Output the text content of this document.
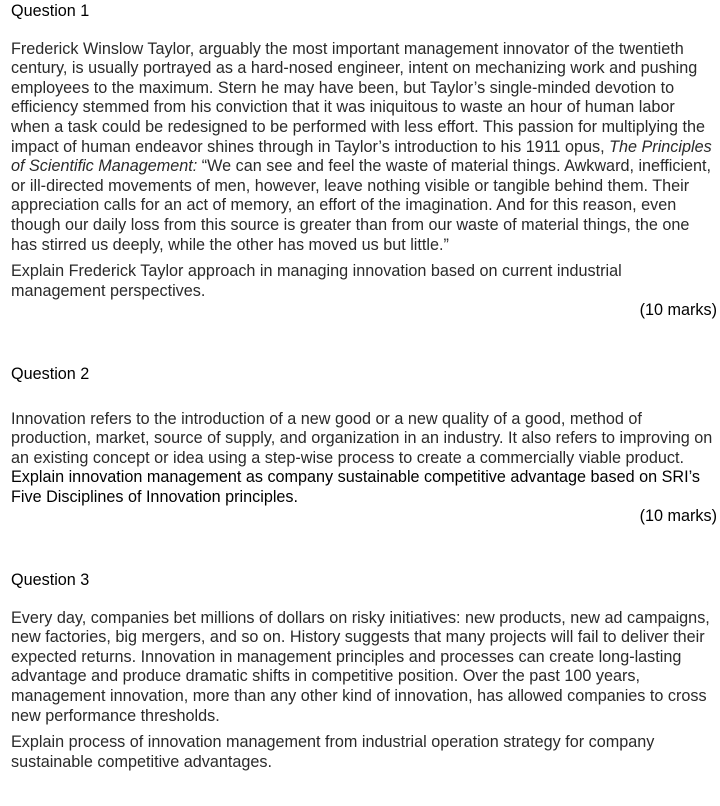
Question 1

Frederick Winslow Taylor, arguably the most important management innovator of the twentieth century, is usually portrayed as a hard-nosed engineer, intent on mechanizing work and pushing employees to the maximum. Stern he may have been, but Taylor’s single-minded devotion to efficiency stemmed from his conviction that it was iniquitous to waste an hour of human labor when a task could be redesigned to be performed with less effort. This passion for multiplying the impact of human endeavor shines through in Taylor’s introduction to his 1911 opus, The Principles of Scientific Management: “We can see and feel the waste of material things. Awkward, inefficient, or ill-directed movements of men, however, leave nothing visible or tangible behind them. Their appreciation calls for an act of memory, an effort of the imagination. And for this reason, even though our daily loss from this source is greater than from our waste of material things, the one has stirred us deeply, while the other has moved us but little.”

Explain Frederick Taylor approach in managing innovation based on current industrial management perspectives.

(10 marks)

Question 2

Innovation refers to the introduction of a new good or a new quality of a good, method of production, market, source of supply, and organization in an industry. It also refers to improving on an existing concept or idea using a step-wise process to create a commercially viable product. Explain innovation management as company sustainable competitive advantage based on SRI’s Five Disciplines of Innovation principles.

(10 marks)

Question 3

Every day, companies bet millions of dollars on risky initiatives: new products, new ad campaigns, new factories, big mergers, and so on. History suggests that many projects will fail to deliver their expected returns. Innovation in management principles and processes can create long-lasting advantage and produce dramatic shifts in competitive position. Over the past 100 years, management innovation, more than any other kind of innovation, has allowed companies to cross new performance thresholds.

Explain process of innovation management from industrial operation strategy for company sustainable competitive advantages.
